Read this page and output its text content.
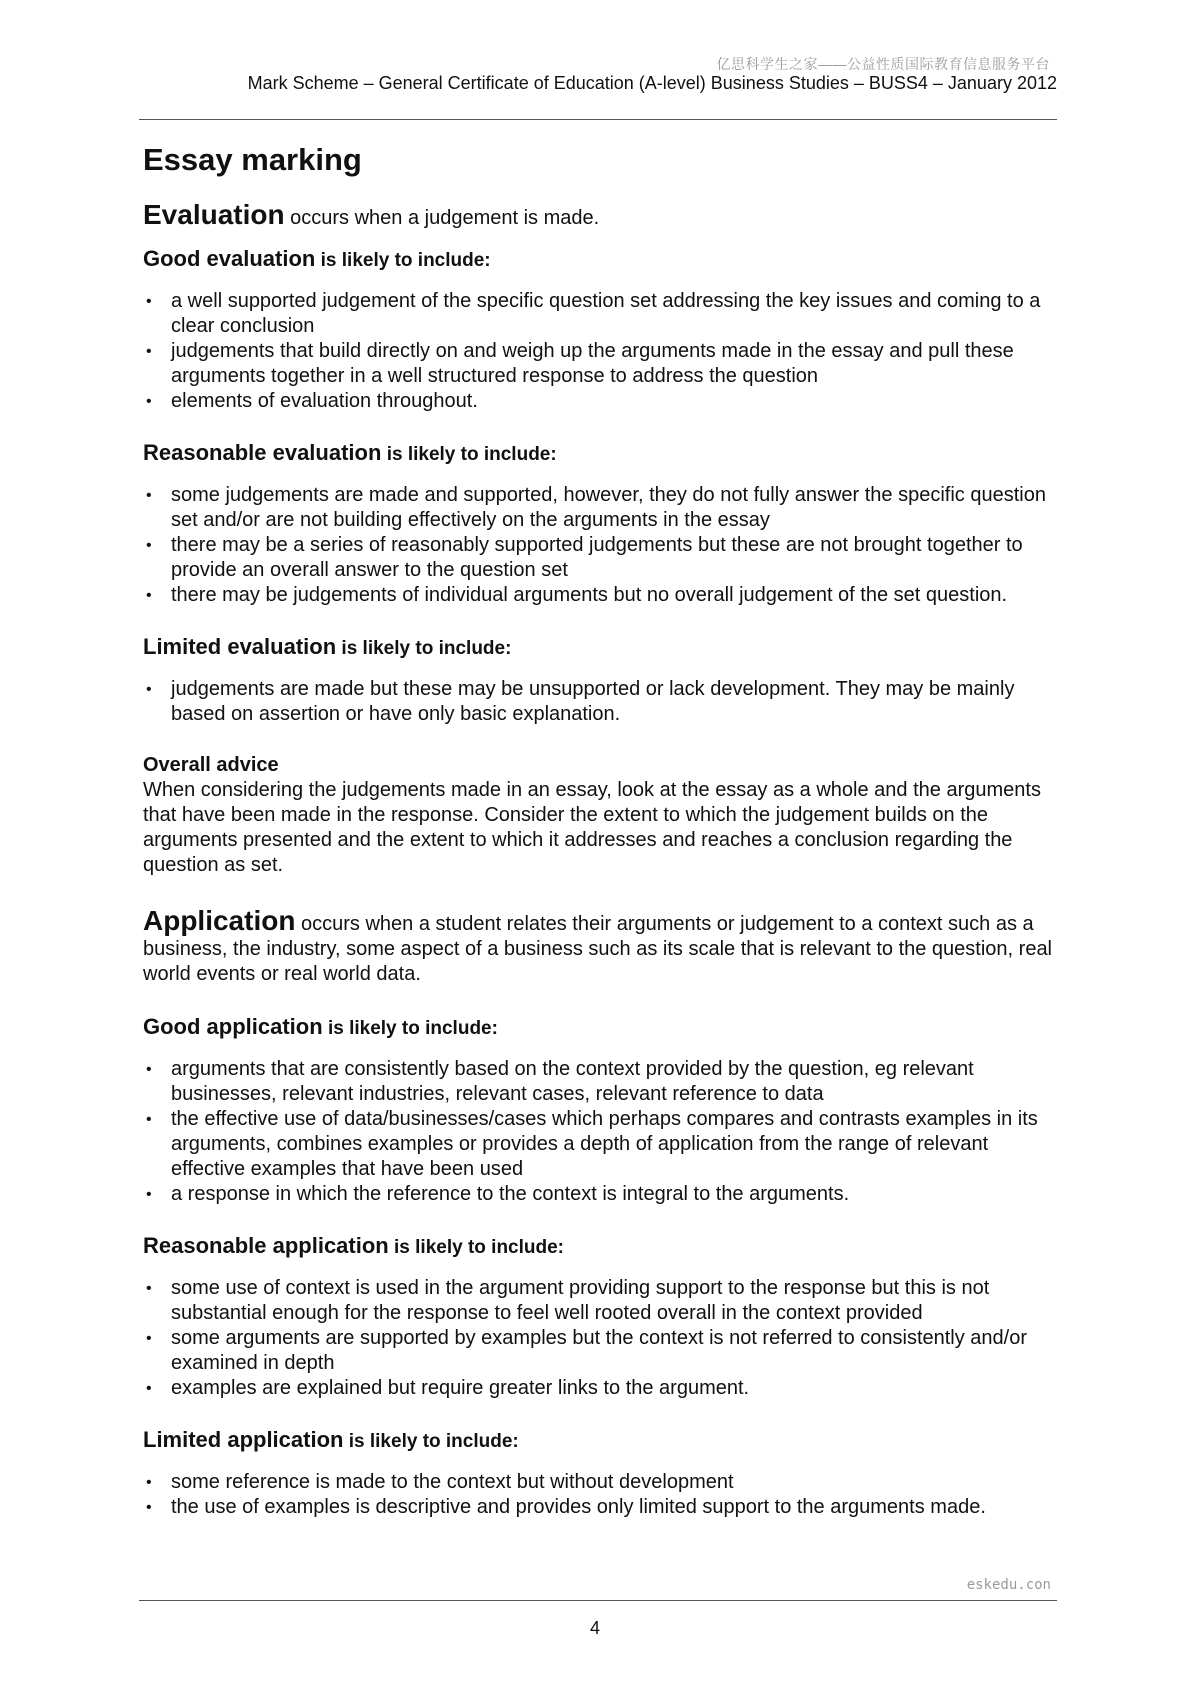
亿思科学生之家——公益性质国际教育信息服务平台
Mark Scheme – General Certificate of Education (A-level) Business Studies – BUSS4 – January 2012
Essay marking

Evaluation occurs when a judgement is made.

Good evaluation is likely to include:
• a well supported judgement of the specific question set addressing the key issues and coming to a clear conclusion
• judgements that build directly on and weigh up the arguments made in the essay and pull these arguments together in a well structured response to address the question
• elements of evaluation throughout.
Reasonable evaluation is likely to include:
• some judgements are made and supported, however, they do not fully answer the specific question set and/or are not building effectively on the arguments in the essay
• there may be a series of reasonably supported judgements but these are not brought together to provide an overall answer to the question set
• there may be judgements of individual arguments but no overall judgement of the set question.
Limited evaluation is likely to include:
• judgements are made but these may be unsupported or lack development. They may be mainly based on assertion or have only basic explanation.

Overall advice

When considering the judgements made in an essay, look at the essay as a whole and the arguments that have been made in the response. Consider the extent to which the judgement builds on the arguments presented and the extent to which it addresses and reaches a conclusion regarding the question as set.

Application occurs when a student relates their arguments or judgement to a context such as a business, the industry, some aspect of a business such as its scale that is relevant to the question, real world events or real world data.

Good application is likely to include:
• arguments that are consistently based on the context provided by the question, eg relevant businesses, relevant industries, relevant cases, relevant reference to data
• the effective use of data/businesses/cases which perhaps compares and contrasts examples in its arguments, combines examples or provides a depth of application from the range of relevant effective examples that have been used
• a response in which the reference to the context is integral to the arguments.
Reasonable application is likely to include:
• some use of context is used in the argument providing support to the response but this is not substantial enough for the response to feel well rooted overall in the context provided
• some arguments are supported by examples but the context is not referred to consistently and/or examined in depth
• examples are explained but require greater links to the argument.
Limited application is likely to include:
• some reference is made to the context but without development
• the use of examples is descriptive and provides only limited support to the arguments made.
eskedu.con
4
